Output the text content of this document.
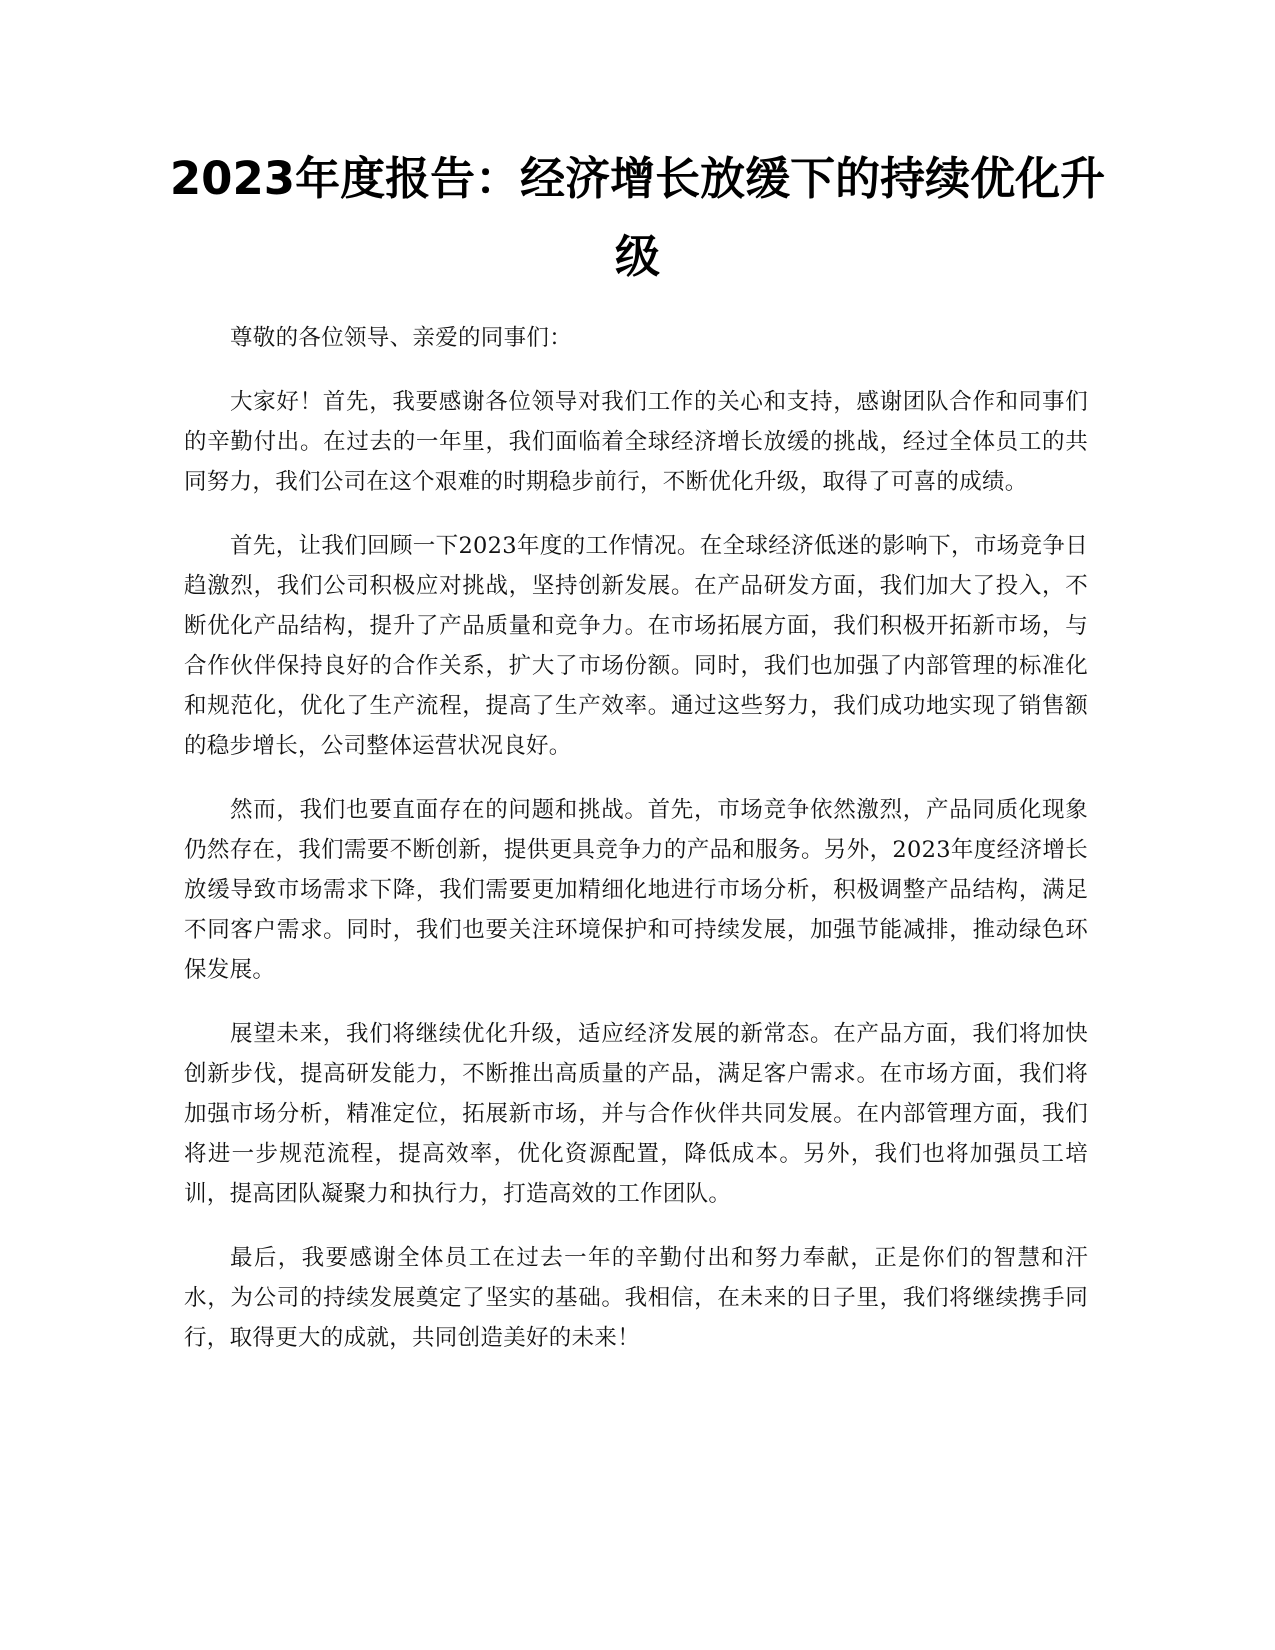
2023年度报告：经济增长放缓下的持续优化升级

尊敬的各位领导、亲爱的同事们：

大家好！首先，我要感谢各位领导对我们工作的关心和支持，感谢团队合作和同事们的辛勤付出。在过去的一年里，我们面临着全球经济增长放缓的挑战，经过全体员工的共同努力，我们公司在这个艰难的时期稳步前行，不断优化升级，取得了可喜的成绩。

首先，让我们回顾一下2023年度的工作情况。在全球经济低迷的影响下，市场竞争日趋激烈，我们公司积极应对挑战，坚持创新发展。在产品研发方面，我们加大了投入，不断优化产品结构，提升了产品质量和竞争力。在市场拓展方面，我们积极开拓新市场，与合作伙伴保持良好的合作关系，扩大了市场份额。同时，我们也加强了内部管理的标准化和规范化，优化了生产流程，提高了生产效率。通过这些努力，我们成功地实现了销售额的稳步增长，公司整体运营状况良好。

然而，我们也要直面存在的问题和挑战。首先，市场竞争依然激烈，产品同质化现象仍然存在，我们需要不断创新，提供更具竞争力的产品和服务。另外，2023年度经济增长放缓导致市场需求下降，我们需要更加精细化地进行市场分析，积极调整产品结构，满足不同客户需求。同时，我们也要关注环境保护和可持续发展，加强节能减排，推动绿色环保发展。

展望未来，我们将继续优化升级，适应经济发展的新常态。在产品方面，我们将加快创新步伐，提高研发能力，不断推出高质量的产品，满足客户需求。在市场方面，我们将加强市场分析，精准定位，拓展新市场，并与合作伙伴共同发展。在内部管理方面，我们将进一步规范流程，提高效率，优化资源配置，降低成本。另外，我们也将加强员工培训，提高团队凝聚力和执行力，打造高效的工作团队。

最后，我要感谢全体员工在过去一年的辛勤付出和努力奉献，正是你们的智慧和汗水，为公司的持续发展奠定了坚实的基础。我相信，在未来的日子里，我们将继续携手同行，取得更大的成就，共同创造美好的未来！
